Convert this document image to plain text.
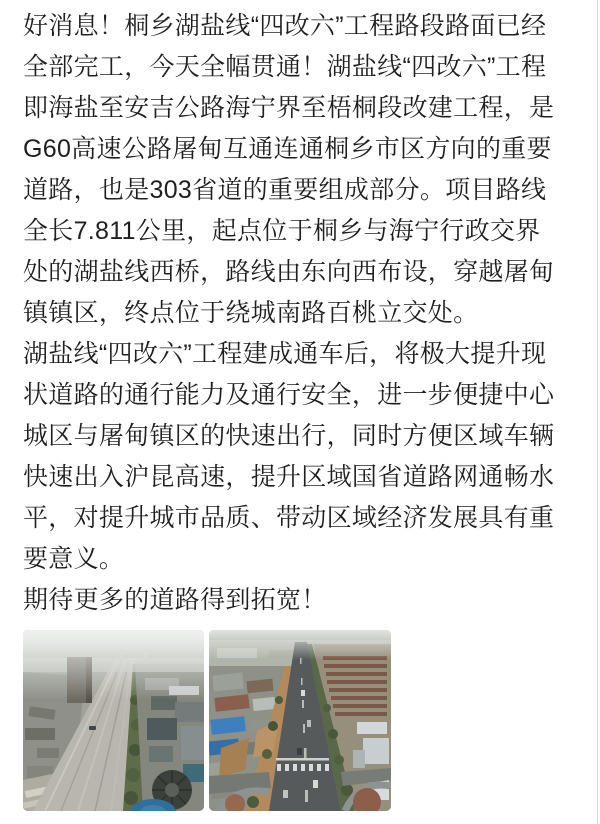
好消息！桐乡湖盐线“四改六”工程路段路面已经
全部完工，今天全幅贯通！湖盐线“四改六”工程
即海盐至安吉公路海宁界至梧桐段改建工程，是
G60高速公路屠甸互通连通桐乡市区方向的重要
道路，也是303省道的重要组成部分。项目路线
全长7.811公里，起点位于桐乡与海宁行政交界
处的湖盐线西桥，路线由东向西布设，穿越屠甸
镇镇区，终点位于绕城南路百桃立交处。
湖盐线“四改六”工程建成通车后，将极大提升现
状道路的通行能力及通行安全，进一步便捷中心
城区与屠甸镇区的快速出行，同时方便区域车辆
快速出入沪昆高速，提升区域国省道路网通畅水
平，对提升城市品质、带动区域经济发展具有重
要意义。
期待更多的道路得到拓宽！
